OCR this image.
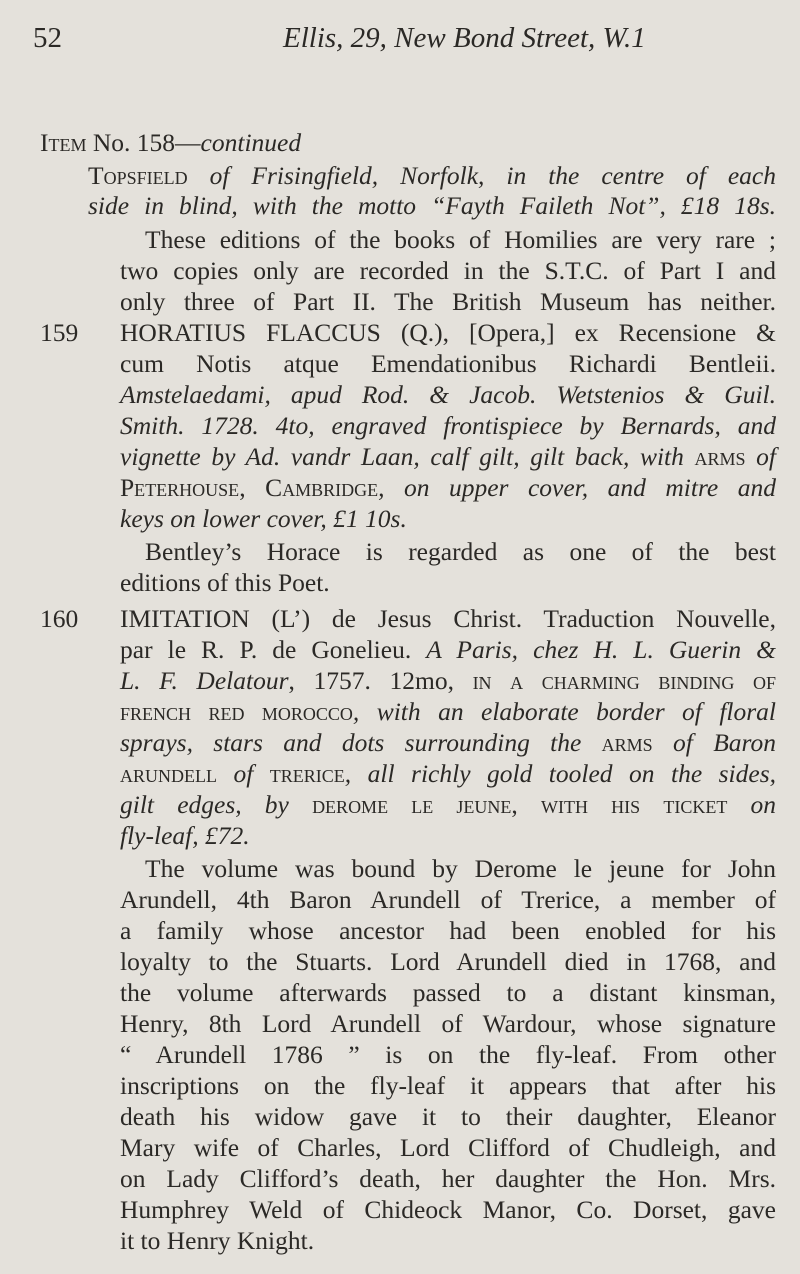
52	Ellis, 29, New Bond Street, W.1
Item No. 158—continued
Topsfield of Frisingfield, Norfolk, in the centre of each
side in blind, with the motto “Fayth Faileth Not”, £18 18s.
These editions of the books of Homilies are very rare ;
two copies only are recorded in the S.T.C. of Part I and
only three of Part II. The British Museum has neither.
159 HORATIUS FLACCUS (Q.), [Opera,] ex Recensione &
cum Notis atque Emendationibus Richardi Bentleii.
Amstelaedami, apud Rod. & Jacob. Wetstenios & Guil.
Smith. 1728. 4to, engraved frontispiece by Bernards, and
vignette by Ad. vandr Laan, calf gilt, gilt back, with arms of
Peterhouse, Cambridge, on upper cover, and mitre and
keys on lower cover, £1 10s.
Bentley’s Horace is regarded as one of the best
editions of this Poet.
160 IMITATION (L’) de Jesus Christ. Traduction Nouvelle,
par le R. P. de Gonelieu. A Paris, chez H. L. Guerin &
L. F. Delatour, 1757. 12mo, in a charming binding of
french red morocco, with an elaborate border of floral
sprays, stars and dots surrounding the arms of Baron
arundell of trerice, all richly gold tooled on the sides,
gilt edges, by derome le jeune, with his ticket on
fly-leaf, £72.
The volume was bound by Derome le jeune for John
Arundell, 4th Baron Arundell of Trerice, a member of
a family whose ancestor had been enobled for his
loyalty to the Stuarts. Lord Arundell died in 1768, and
the volume afterwards passed to a distant kinsman,
Henry, 8th Lord Arundell of Wardour, whose signature
“ Arundell 1786 ” is on the fly-leaf. From other
inscriptions on the fly-leaf it appears that after his
death his widow gave it to their daughter, Eleanor
Mary wife of Charles, Lord Clifford of Chudleigh, and
on Lady Clifford’s death, her daughter the Hon. Mrs.
Humphrey Weld of Chideock Manor, Co. Dorset, gave
it to Henry Knight.
